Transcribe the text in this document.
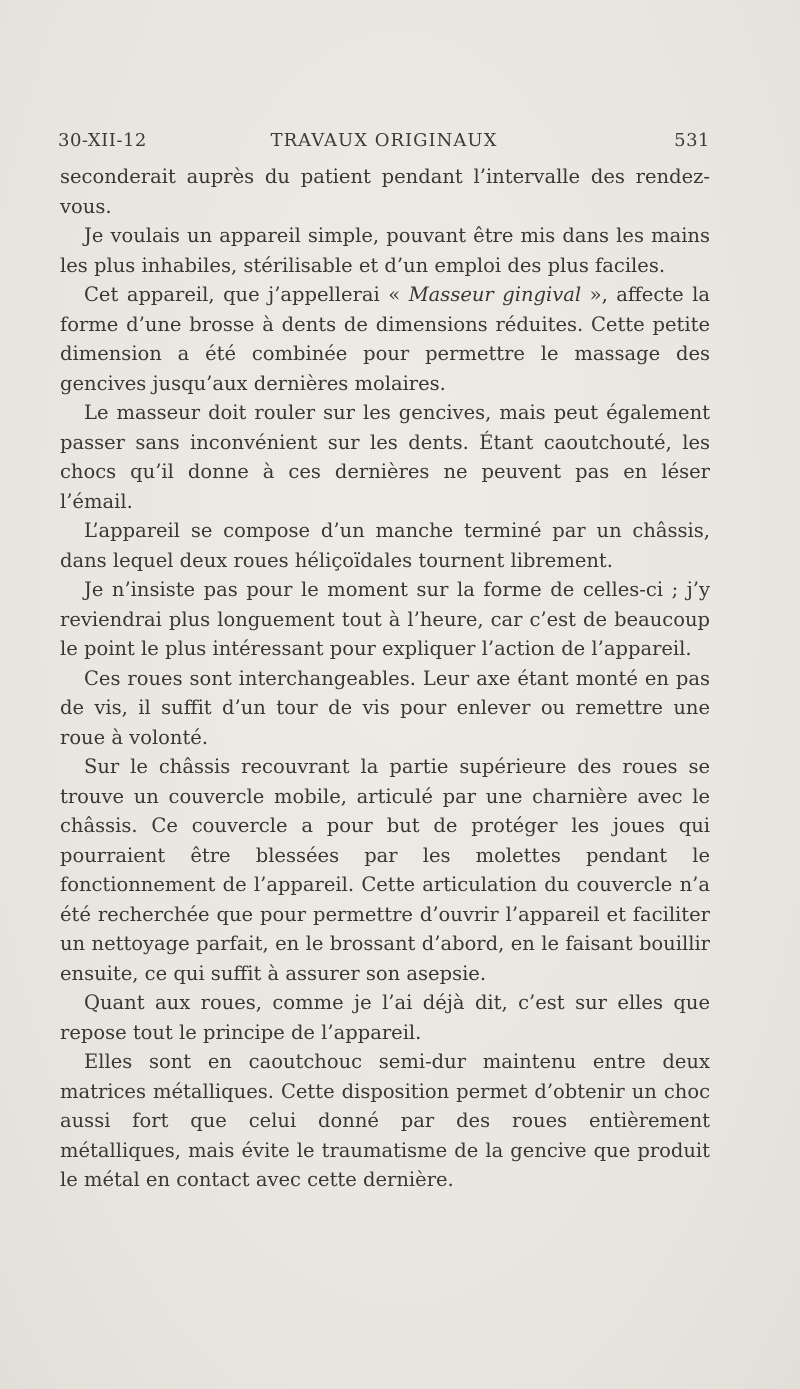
30-XII-12	TRAVAUX ORIGINAUX	531

seconderait auprès du patient pendant l’intervalle des rendez-vous.

Je voulais un appareil simple, pouvant être mis dans les mains les plus inhabiles, stérilisable et d’un emploi des plus faciles.

Cet appareil, que j’appellerai « Masseur gingival », affecte la forme d’une brosse à dents de dimensions réduites. Cette petite dimension a été combinée pour permettre le massage des gencives jusqu’aux dernières molaires.

Le masseur doit rouler sur les gencives, mais peut également passer sans inconvénient sur les dents. Étant caoutchouté, les chocs qu’il donne à ces dernières ne peuvent pas en léser l’émail.

L’appareil se compose d’un manche terminé par un châssis, dans lequel deux roues héliçoïdales tournent librement.

Je n’insiste pas pour le moment sur la forme de celles-ci ; j’y reviendrai plus longuement tout à l’heure, car c’est de beaucoup le point le plus intéressant pour expliquer l’action de l’appareil.

Ces roues sont interchangeables. Leur axe étant monté en pas de vis, il suffit d’un tour de vis pour enlever ou remettre une roue à volonté.

Sur le châssis recouvrant la partie supérieure des roues se trouve un couvercle mobile, articulé par une charnière avec le châssis. Ce couvercle a pour but de protéger les joues qui pourraient être blessées par les molettes pendant le fonctionnement de l’appareil. Cette articulation du couvercle n’a été recherchée que pour permettre d’ouvrir l’appareil et faciliter un nettoyage parfait, en le brossant d’abord, en le faisant bouillir ensuite, ce qui suffit à assurer son asepsie.

Quant aux roues, comme je l’ai déjà dit, c’est sur elles que repose tout le principe de l’appareil.

Elles sont en caoutchouc semi-dur maintenu entre deux matrices métalliques. Cette disposition permet d’obtenir un choc aussi fort que celui donné par des roues entièrement métalliques, mais évite le traumatisme de la gencive que produit le métal en contact avec cette dernière.
